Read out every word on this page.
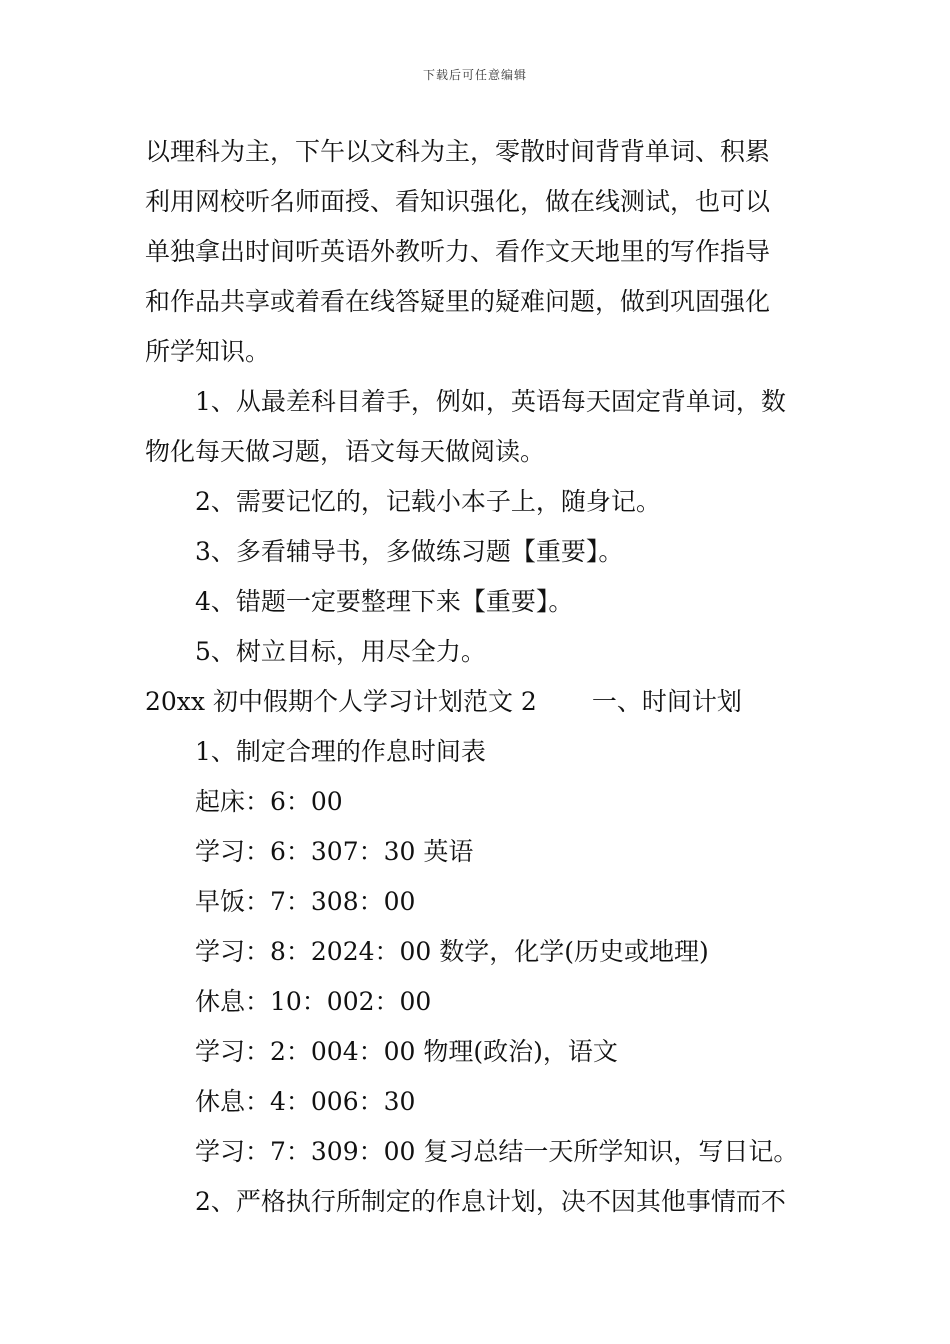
下载后可任意编辑
以理科为主，下午以文科为主，零散时间背背单词、积累
利用网校听名师面授、看知识强化，做在线测试，也可以
单独拿出时间听英语外教听力、看作文天地里的写作指导
和作品共享或着看在线答疑里的疑难问题，做到巩固强化
所学知识。
1、从最差科目着手，例如，英语每天固定背单词，数
物化每天做习题，语文每天做阅读。
2、需要记忆的，记载小本子上，随身记。
3、多看辅导书，多做练习题【重要】。
4、错题一定要整理下来【重要】。
5、树立目标，用尽全力。
20xx 初中假期个人学习计划范文 2 一、时间计划
1、制定合理的作息时间表
起床：6：00
学习：6：307：30 英语
早饭：7：308：00
学习：8：2024：00 数学，化学(历史或地理)
休息：10：002：00
学习：2：004：00 物理(政治)，语文
休息：4：006：30
学习：7：309：00 复习总结一天所学知识，写日记。
2、严格执行所制定的作息计划，决不因其他事情而不
